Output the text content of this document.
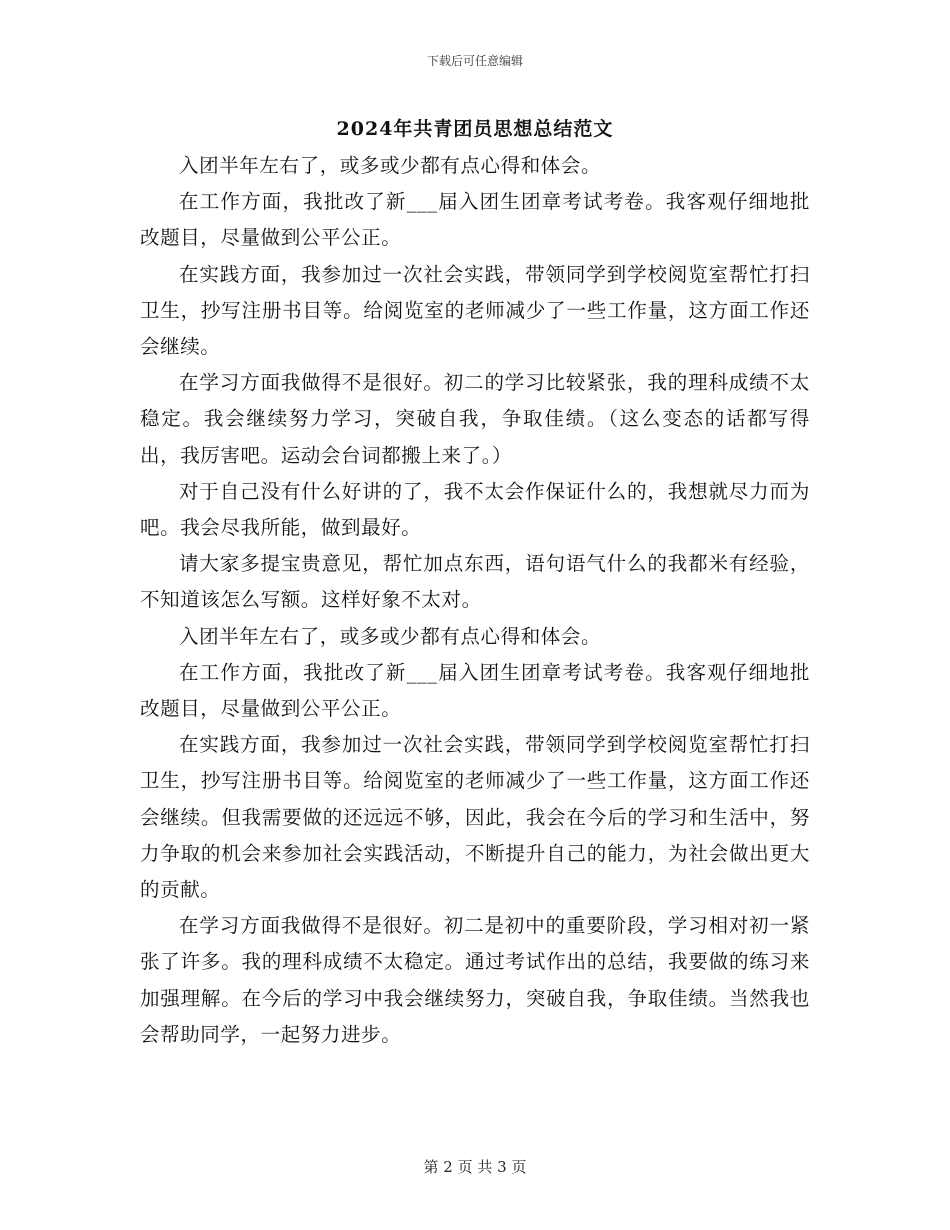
下载后可任意编辑
2024年共青团员思想总结范文

入团半年左右了，或多或少都有点心得和体会。

在工作方面，我批改了新___届入团生团章考试考卷。我客观仔细地批改题目，尽量做到公平公正。

在实践方面，我参加过一次社会实践，带领同学到学校阅览室帮忙打扫卫生，抄写注册书目等。给阅览室的老师减少了一些工作量，这方面工作还会继续。

在学习方面我做得不是很好。初二的学习比较紧张，我的理科成绩不太稳定。我会继续努力学习，突破自我，争取佳绩。（这么变态的话都写得出，我厉害吧。运动会台词都搬上来了。）

对于自己没有什么好讲的了，我不太会作保证什么的，我想就尽力而为吧。我会尽我所能，做到最好。

请大家多提宝贵意见，帮忙加点东西，语句语气什么的我都米有经验，不知道该怎么写额。这样好象不太对。

入团半年左右了，或多或少都有点心得和体会。

在工作方面，我批改了新___届入团生团章考试考卷。我客观仔细地批改题目，尽量做到公平公正。

在实践方面，我参加过一次社会实践，带领同学到学校阅览室帮忙打扫卫生，抄写注册书目等。给阅览室的老师减少了一些工作量，这方面工作还会继续。但我需要做的还远远不够，因此，我会在今后的学习和生活中，努力争取的机会来参加社会实践活动，不断提升自己的能力，为社会做出更大的贡献。

在学习方面我做得不是很好。初二是初中的重要阶段，学习相对初一紧张了许多。我的理科成绩不太稳定。通过考试作出的总结，我要做的练习来加强理解。在今后的学习中我会继续努力，突破自我，争取佳绩。当然我也会帮助同学，一起努力进步。

第 2 页 共 3 页
